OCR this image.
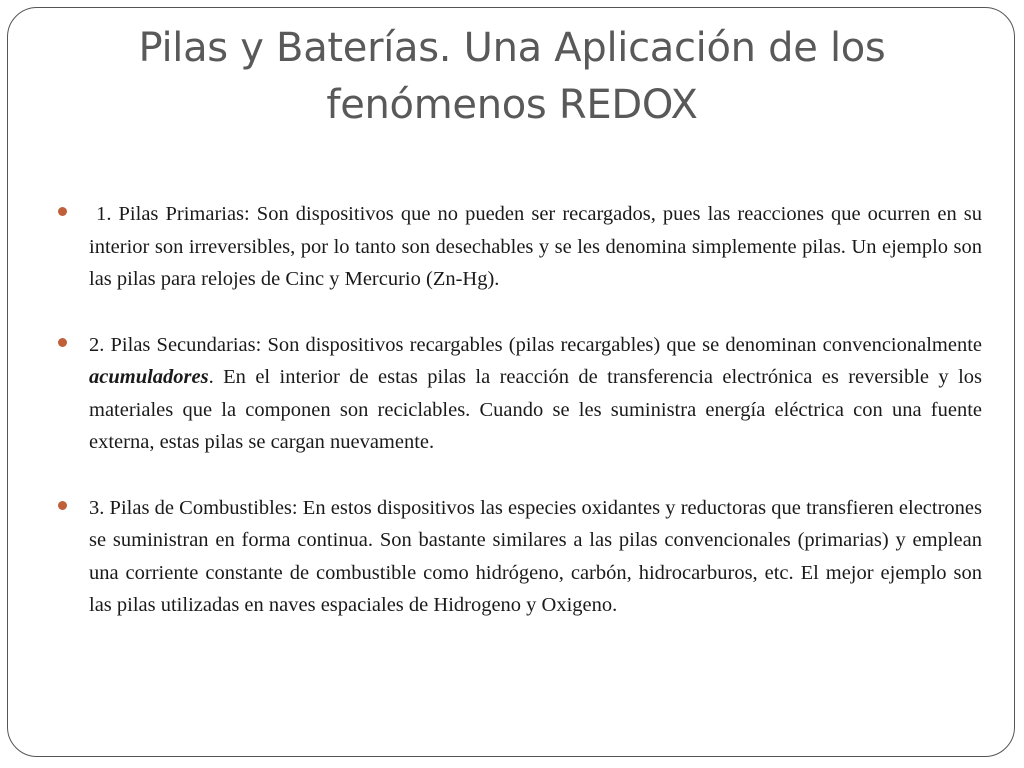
Pilas y Baterías. Una Aplicación de los
fenómenos REDOX
1. Pilas Primarias: Son dispositivos que no pueden ser recargados, pues las reacciones que ocurren en su interior son irreversibles, por lo tanto son desechables y se les denomina simplemente pilas. Un ejemplo son las pilas para relojes de Cinc y Mercurio (Zn-Hg).
2. Pilas Secundarias: Son dispositivos recargables (pilas recargables) que se denominan convencionalmente acumuladores. En el interior de estas pilas la reacción de transferencia electrónica es reversible y los materiales que la componen son reciclables. Cuando se les suministra energía eléctrica con una fuente externa, estas pilas se cargan nuevamente.
3. Pilas de Combustibles: En estos dispositivos las especies oxidantes y reductoras que transfieren electrones se suministran en forma continua. Son bastante similares a las pilas convencionales (primarias) y emplean una corriente constante de combustible como hidrógeno, carbón, hidrocarburos, etc. El mejor ejemplo son las pilas utilizadas en naves espaciales de Hidrogeno y Oxigeno.
